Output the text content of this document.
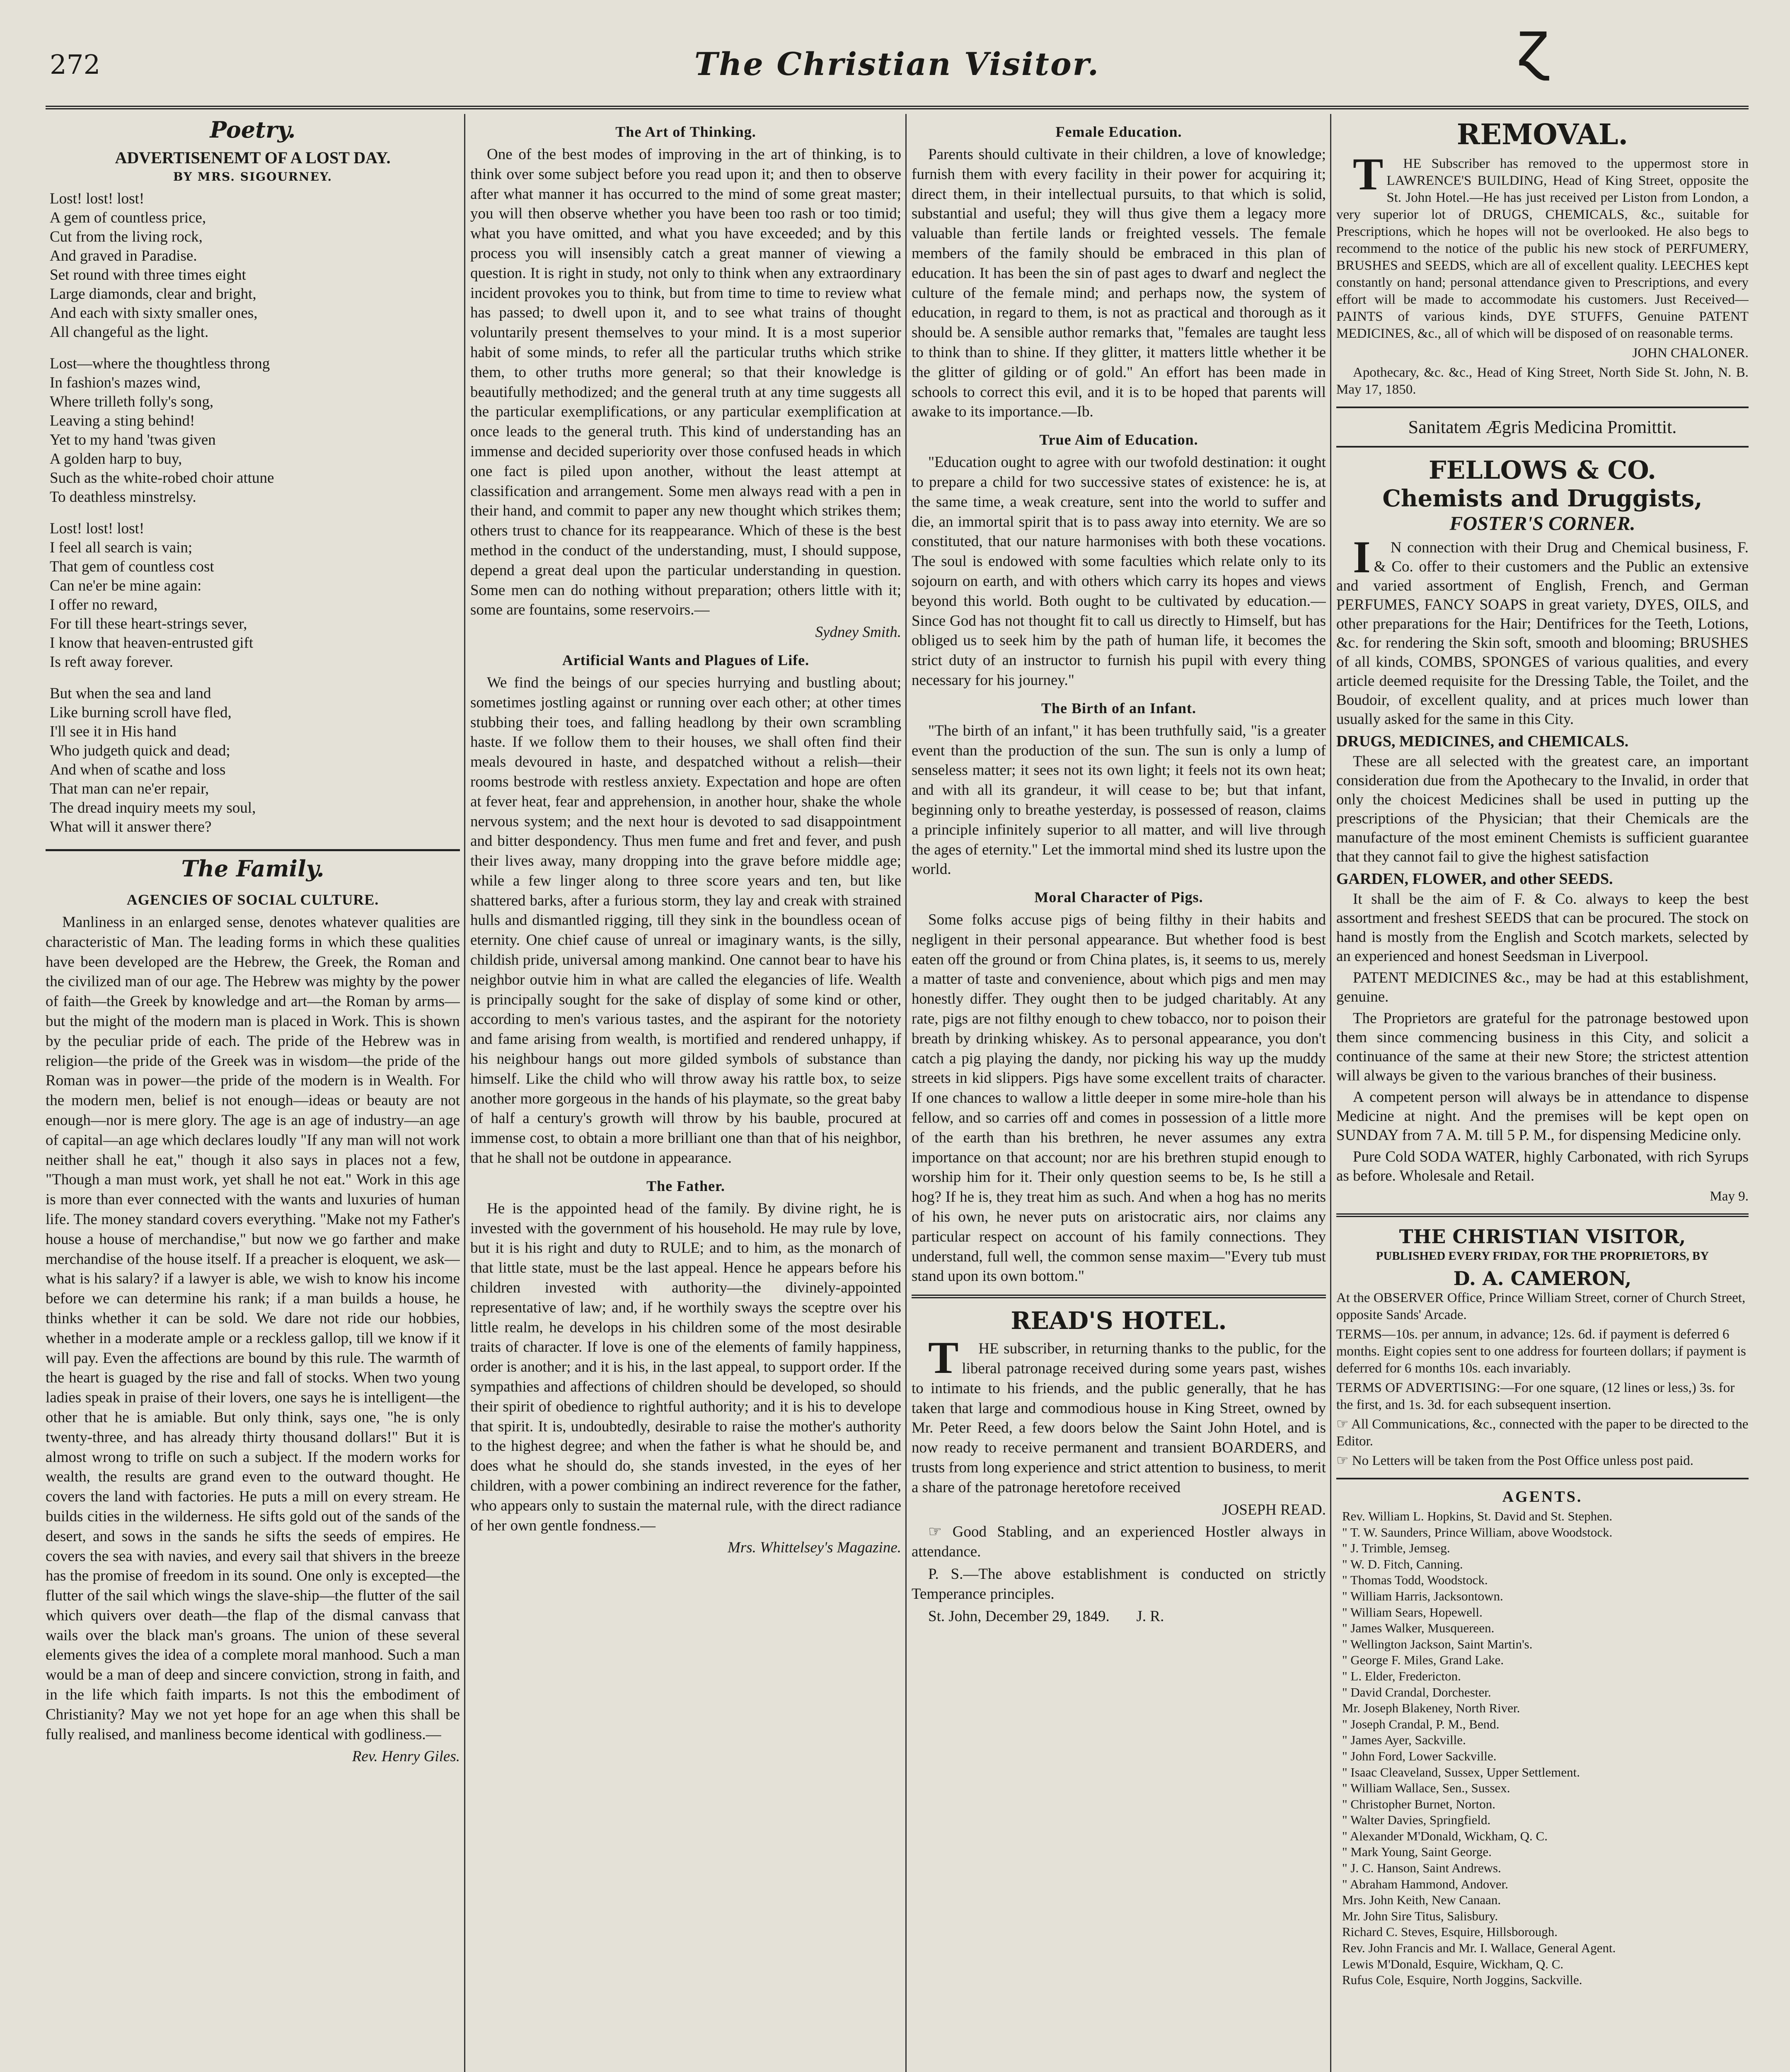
272	The Christian Visitor.	ɀ
Poetry.
ADVERTISENEMT OF A LOST DAY.
BY MRS. SIGOURNEY.
Lost! lost! lost!
A gem of countless price,
Cut from the living rock,
And graved in Paradise.
Set round with three times eight
Large diamonds, clear and bright,
And each with sixty smaller ones,
All changeful as the light.
Lost—where the thoughtless throng
In fashion's mazes wind,
Where trilleth folly's song,
Leaving a sting behind!
Yet to my hand 'twas given
A golden harp to buy,
Such as the white-robed choir attune
To deathless minstrelsy.
Lost! lost! lost!
I feel all search is vain;
That gem of countless cost
Can ne'er be mine again:
I offer no reward,
For till these heart-strings sever,
I know that heaven-entrusted gift
Is reft away forever.
But when the sea and land
Like burning scroll have fled,
I'll see it in His hand
Who judgeth quick and dead;
And when of scathe and loss
That man can ne'er repair,
The dread inquiry meets my soul,
What will it answer there?
The Family.
AGENCIES OF SOCIAL CULTURE.

Manliness in an enlarged sense, denotes whatever qualities are characteristic of Man. The leading forms in which these qualities have been developed are the Hebrew, the Greek, the Roman and the civilized man of our age. The Hebrew was mighty by the power of faith—the Greek by knowledge and art—the Roman by arms—but the might of the modern man is placed in Work. This is shown by the peculiar pride of each. The pride of the Hebrew was in religion—the pride of the Greek was in wisdom—the pride of the Roman was in power—the pride of the modern is in Wealth. For the modern men, belief is not enough—ideas or beauty are not enough—nor is mere glory. The age is an age of industry—an age of capital—an age which declares loudly "If any man will not work neither shall he eat," though it also says in places not a few, "Though a man must work, yet shall he not eat." Work in this age is more than ever connected with the wants and luxuries of human life. The money standard covers everything. "Make not my Father's house a house of merchandise," but now we go farther and make merchandise of the house itself. If a preacher is eloquent, we ask—what is his salary? if a lawyer is able, we wish to know his income before we can determine his rank; if a man builds a house, he thinks whether it can be sold. We dare not ride our hobbies, whether in a moderate ample or a reckless gallop, till we know if it will pay. Even the affections are bound by this rule. The warmth of the heart is guaged by the rise and fall of stocks. When two young ladies speak in praise of their lovers, one says he is intelligent—the other that he is amiable. But only think, says one, "he is only twenty-three, and has already thirty thousand dollars!" But it is almost wrong to trifle on such a subject. If the modern works for wealth, the results are grand even to the outward thought. He covers the land with factories. He puts a mill on every stream. He builds cities in the wilderness. He sifts gold out of the sands of the desert, and sows in the sands he sifts the seeds of empires. He covers the sea with navies, and every sail that shivers in the breeze has the promise of freedom in its sound. One only is excepted—the flutter of the sail which wings the slave-ship—the flutter of the sail which quivers over death—the flap of the dismal canvass that wails over the black man's groans. The union of these several elements gives the idea of a complete moral manhood. Such a man would be a man of deep and sincere conviction, strong in faith, and in the life which faith imparts. Is not this the embodiment of Christianity? May we not yet hope for an age when this shall be fully realised, and manliness become identical with godliness.—

Rev. Henry Giles.

The Art of Thinking.

One of the best modes of improving in the art of thinking, is to think over some subject before you read upon it; and then to observe after what manner it has occurred to the mind of some great master; you will then observe whether you have been too rash or too timid; what you have omitted, and what you have exceeded; and by this process you will insensibly catch a great manner of viewing a question. It is right in study, not only to think when any extraordinary incident provokes you to think, but from time to time to review what has passed; to dwell upon it, and to see what trains of thought voluntarily present themselves to your mind. It is a most superior habit of some minds, to refer all the particular truths which strike them, to other truths more general; so that their knowledge is beautifully methodized; and the general truth at any time suggests all the particular exemplifications, or any particular exemplification at once leads to the general truth. This kind of understanding has an immense and decided superiority over those confused heads in which one fact is piled upon another, without the least attempt at classification and arrangement. Some men always read with a pen in their hand, and commit to paper any new thought which strikes them; others trust to chance for its reappearance. Which of these is the best method in the conduct of the understanding, must, I should suppose, depend a great deal upon the particular understanding in question. Some men can do nothing without preparation; others little with it; some are fountains, some reservoirs.—

Sydney Smith.

Artificial Wants and Plagues of Life.

We find the beings of our species hurrying and bustling about; sometimes jostling against or running over each other; at other times stubbing their toes, and falling headlong by their own scrambling haste. If we follow them to their houses, we shall often find their meals devoured in haste, and despatched without a relish—their rooms bestrode with restless anxiety. Expectation and hope are often at fever heat, fear and apprehension, in another hour, shake the whole nervous system; and the next hour is devoted to sad disappointment and bitter despondency. Thus men fume and fret and fever, and push their lives away, many dropping into the grave before middle age; while a few linger along to three score years and ten, but like shattered barks, after a furious storm, they lay and creak with strained hulls and dismantled rigging, till they sink in the boundless ocean of eternity. One chief cause of unreal or imaginary wants, is the silly, childish pride, universal among mankind. One cannot bear to have his neighbor outvie him in what are called the elegancies of life. Wealth is principally sought for the sake of display of some kind or other, according to men's various tastes, and the aspirant for the notoriety and fame arising from wealth, is mortified and rendered unhappy, if his neighbour hangs out more gilded symbols of substance than himself. Like the child who will throw away his rattle box, to seize another more gorgeous in the hands of his playmate, so the great baby of half a century's growth will throw by his bauble, procured at immense cost, to obtain a more brilliant one than that of his neighbor, that he shall not be outdone in appearance.

The Father.

He is the appointed head of the family. By divine right, he is invested with the government of his household. He may rule by love, but it is his right and duty to RULE; and to him, as the monarch of that little state, must be the last appeal. Hence he appears before his children invested with authority—the divinely-appointed representative of law; and, if he worthily sways the sceptre over his little realm, he develops in his children some of the most desirable traits of character. If love is one of the elements of family happiness, order is another; and it is his, in the last appeal, to support order. If the sympathies and affections of children should be developed, so should their spirit of obedience to rightful authority; and it is his to develope that spirit. It is, undoubtedly, desirable to raise the mother's authority to the highest degree; and when the father is what he should be, and does what he should do, she stands invested, in the eyes of her children, with a power combining an indirect reverence for the father, who appears only to sustain the maternal rule, with the direct radiance of her own gentle fondness.—

Mrs. Whittelsey's Magazine.

Female Education.

Parents should cultivate in their children, a love of knowledge; furnish them with every facility in their power for acquiring it; direct them, in their intellectual pursuits, to that which is solid, substantial and useful; they will thus give them a legacy more valuable than fertile lands or freighted vessels. The female members of the family should be embraced in this plan of education. It has been the sin of past ages to dwarf and neglect the culture of the female mind; and perhaps now, the system of education, in regard to them, is not as practical and thorough as it should be. A sensible author remarks that, "females are taught less to think than to shine. If they glitter, it matters little whether it be the glitter of gilding or of gold." An effort has been made in schools to correct this evil, and it is to be hoped that parents will awake to its importance.—Ib.

True Aim of Education.

"Education ought to agree with our twofold destination: it ought to prepare a child for two successive states of existence: he is, at the same time, a weak creature, sent into the world to suffer and die, an immortal spirit that is to pass away into eternity. We are so constituted, that our nature harmonises with both these vocations. The soul is endowed with some faculties which relate only to its sojourn on earth, and with others which carry its hopes and views beyond this world. Both ought to be cultivated by education.—Since God has not thought fit to call us directly to Himself, but has obliged us to seek him by the path of human life, it becomes the strict duty of an instructor to furnish his pupil with every thing necessary for his journey."

The Birth of an Infant.

"The birth of an infant," it has been truthfully said, "is a greater event than the production of the sun. The sun is only a lump of senseless matter; it sees not its own light; it feels not its own heat; and with all its grandeur, it will cease to be; but that infant, beginning only to breathe yesterday, is possessed of reason, claims a principle infinitely superior to all matter, and will live through the ages of eternity." Let the immortal mind shed its lustre upon the world.

Moral Character of Pigs.

Some folks accuse pigs of being filthy in their habits and negligent in their personal appearance. But whether food is best eaten off the ground or from China plates, is, it seems to us, merely a matter of taste and convenience, about which pigs and men may honestly differ. They ought then to be judged charitably. At any rate, pigs are not filthy enough to chew tobacco, nor to poison their breath by drinking whiskey. As to personal appearance, you don't catch a pig playing the dandy, nor picking his way up the muddy streets in kid slippers. Pigs have some excellent traits of character. If one chances to wallow a little deeper in some mire-hole than his fellow, and so carries off and comes in possession of a little more of the earth than his brethren, he never assumes any extra importance on that account; nor are his brethren stupid enough to worship him for it. Their only question seems to be, Is he still a hog? If he is, they treat him as such. And when a hog has no merits of his own, he never puts on aristocratic airs, nor claims any particular respect on account of his family connections. They understand, full well, the common sense maxim—"Every tub must stand upon its own bottom."

READ'S HOTEL.

THE subscriber, in returning thanks to the public, for the liberal patronage received during some years past, wishes to intimate to his friends, and the public generally, that he has taken that large and commodious house in King Street, owned by Mr. Peter Reed, a few doors below the Saint John Hotel, and is now ready to receive permanent and transient BOARDERS, and trusts from long experience and strict attention to business, to merit a share of the patronage heretofore received

JOSEPH READ.

☞ Good Stabling, and an experienced Hostler always in attendance.

P. S.—The above establishment is conducted on strictly Temperance principles.

St. John, December 29, 1849. J. R.

REMOVAL.

THE Subscriber has removed to the uppermost store in LAWRENCE'S BUILDING, Head of King Street, opposite the St. John Hotel.—He has just received per Liston from London, a very superior lot of DRUGS, CHEMICALS, &c., suitable for Prescriptions, which he hopes will not be overlooked. He also begs to recommend to the notice of the public his new stock of PERFUMERY, BRUSHES and SEEDS, which are all of excellent quality. LEECHES kept constantly on hand; personal attendance given to Prescriptions, and every effort will be made to accommodate his customers. Just Received—PAINTS of various kinds, DYE STUFFS, Genuine PATENT MEDICINES, &c., all of which will be disposed of on reasonable terms.

JOHN CHALONER.

Apothecary, &c. &c., Head of King Street, North Side St. John, N. B. May 17, 1850.

Sanitatem Ægris Medicina Promittit.
FELLOWS & CO.
Chemists and Druggists,
FOSTER'S CORNER.

IN connection with their Drug and Chemical business, F. & Co. offer to their customers and the Public an extensive and varied assortment of English, French, and German PERFUMES, FANCY SOAPS in great variety, DYES, OILS, and other preparations for the Hair; Dentifrices for the Teeth, Lotions, &c. for rendering the Skin soft, smooth and blooming; BRUSHES of all kinds, COMBS, SPONGES of various qualities, and every article deemed requisite for the Dressing Table, the Toilet, and the Boudoir, of excellent quality, and at prices much lower than usually asked for the same in this City.

DRUGS, MEDICINES, and CHEMICALS.

These are all selected with the greatest care, an important consideration due from the Apothecary to the Invalid, in order that only the choicest Medicines shall be used in putting up the prescriptions of the Physician; that their Chemicals are the manufacture of the most eminent Chemists is sufficient guarantee that they cannot fail to give the highest satisfaction

GARDEN, FLOWER, and other SEEDS.

It shall be the aim of F. & Co. always to keep the best assortment and freshest SEEDS that can be procured. The stock on hand is mostly from the English and Scotch markets, selected by an experienced and honest Seedsman in Liverpool.

PATENT MEDICINES &c., may be had at this establishment, genuine.

The Proprietors are grateful for the patronage bestowed upon them since commencing business in this City, and solicit a continuance of the same at their new Store; the strictest attention will always be given to the various branches of their business.

A competent person will always be in attendance to dispense Medicine at night. And the premises will be kept open on SUNDAY from 7 A. M. till 5 P. M., for dispensing Medicine only.

Pure Cold SODA WATER, highly Carbonated, with rich Syrups as before. Wholesale and Retail.

May 9.

THE CHRISTIAN VISITOR,
PUBLISHED EVERY FRIDAY, FOR THE PROPRIETORS, BY
D. A. CAMERON,
At the OBSERVER Office, Prince William Street, corner of Church Street, opposite Sands' Arcade.
TERMS—10s. per annum, in advance; 12s. 6d. if payment is deferred 6 months. Eight copies sent to one address for fourteen dollars; if payment is deferred for 6 months 10s. each invariably.
TERMS OF ADVERTISING:—For one square, (12 lines or less,) 3s. for the first, and 1s. 3d. for each subsequent insertion.
☞ All Communications, &c., connected with the paper to be directed to the Editor.
☞ No Letters will be taken from the Post Office unless post paid.
AGENTS.
Rev. William L. Hopkins, St. David and St. Stephen.
" T. W. Saunders, Prince William, above Woodstock.
" J. Trimble, Jemseg.
" W. D. Fitch, Canning.
" Thomas Todd, Woodstock.
" William Harris, Jacksontown.
" William Sears, Hopewell.
" James Walker, Musquereen.
" Wellington Jackson, Saint Martin's.
" George F. Miles, Grand Lake.
" L. Elder, Fredericton.
" David Crandal, Dorchester.
Mr. Joseph Blakeney, North River.
" Joseph Crandal, P. M., Bend.
" James Ayer, Sackville.
" John Ford, Lower Sackville.
" Isaac Cleaveland, Sussex, Upper Settlement.
" William Wallace, Sen., Sussex.
" Christopher Burnet, Norton.
" Walter Davies, Springfield.
" Alexander M'Donald, Wickham, Q. C.
" Mark Young, Saint George.
" J. C. Hanson, Saint Andrews.
" Abraham Hammond, Andover.
Mrs. John Keith, New Canaan.
Mr. John Sire Titus, Salisbury.
Richard C. Steves, Esquire, Hillsborough.
Rev. John Francis and Mr. I. Wallace, General Agent.
Lewis M'Donald, Esquire, Wickham, Q. C.
Rufus Cole, Esquire, North Joggins, Sackville.
